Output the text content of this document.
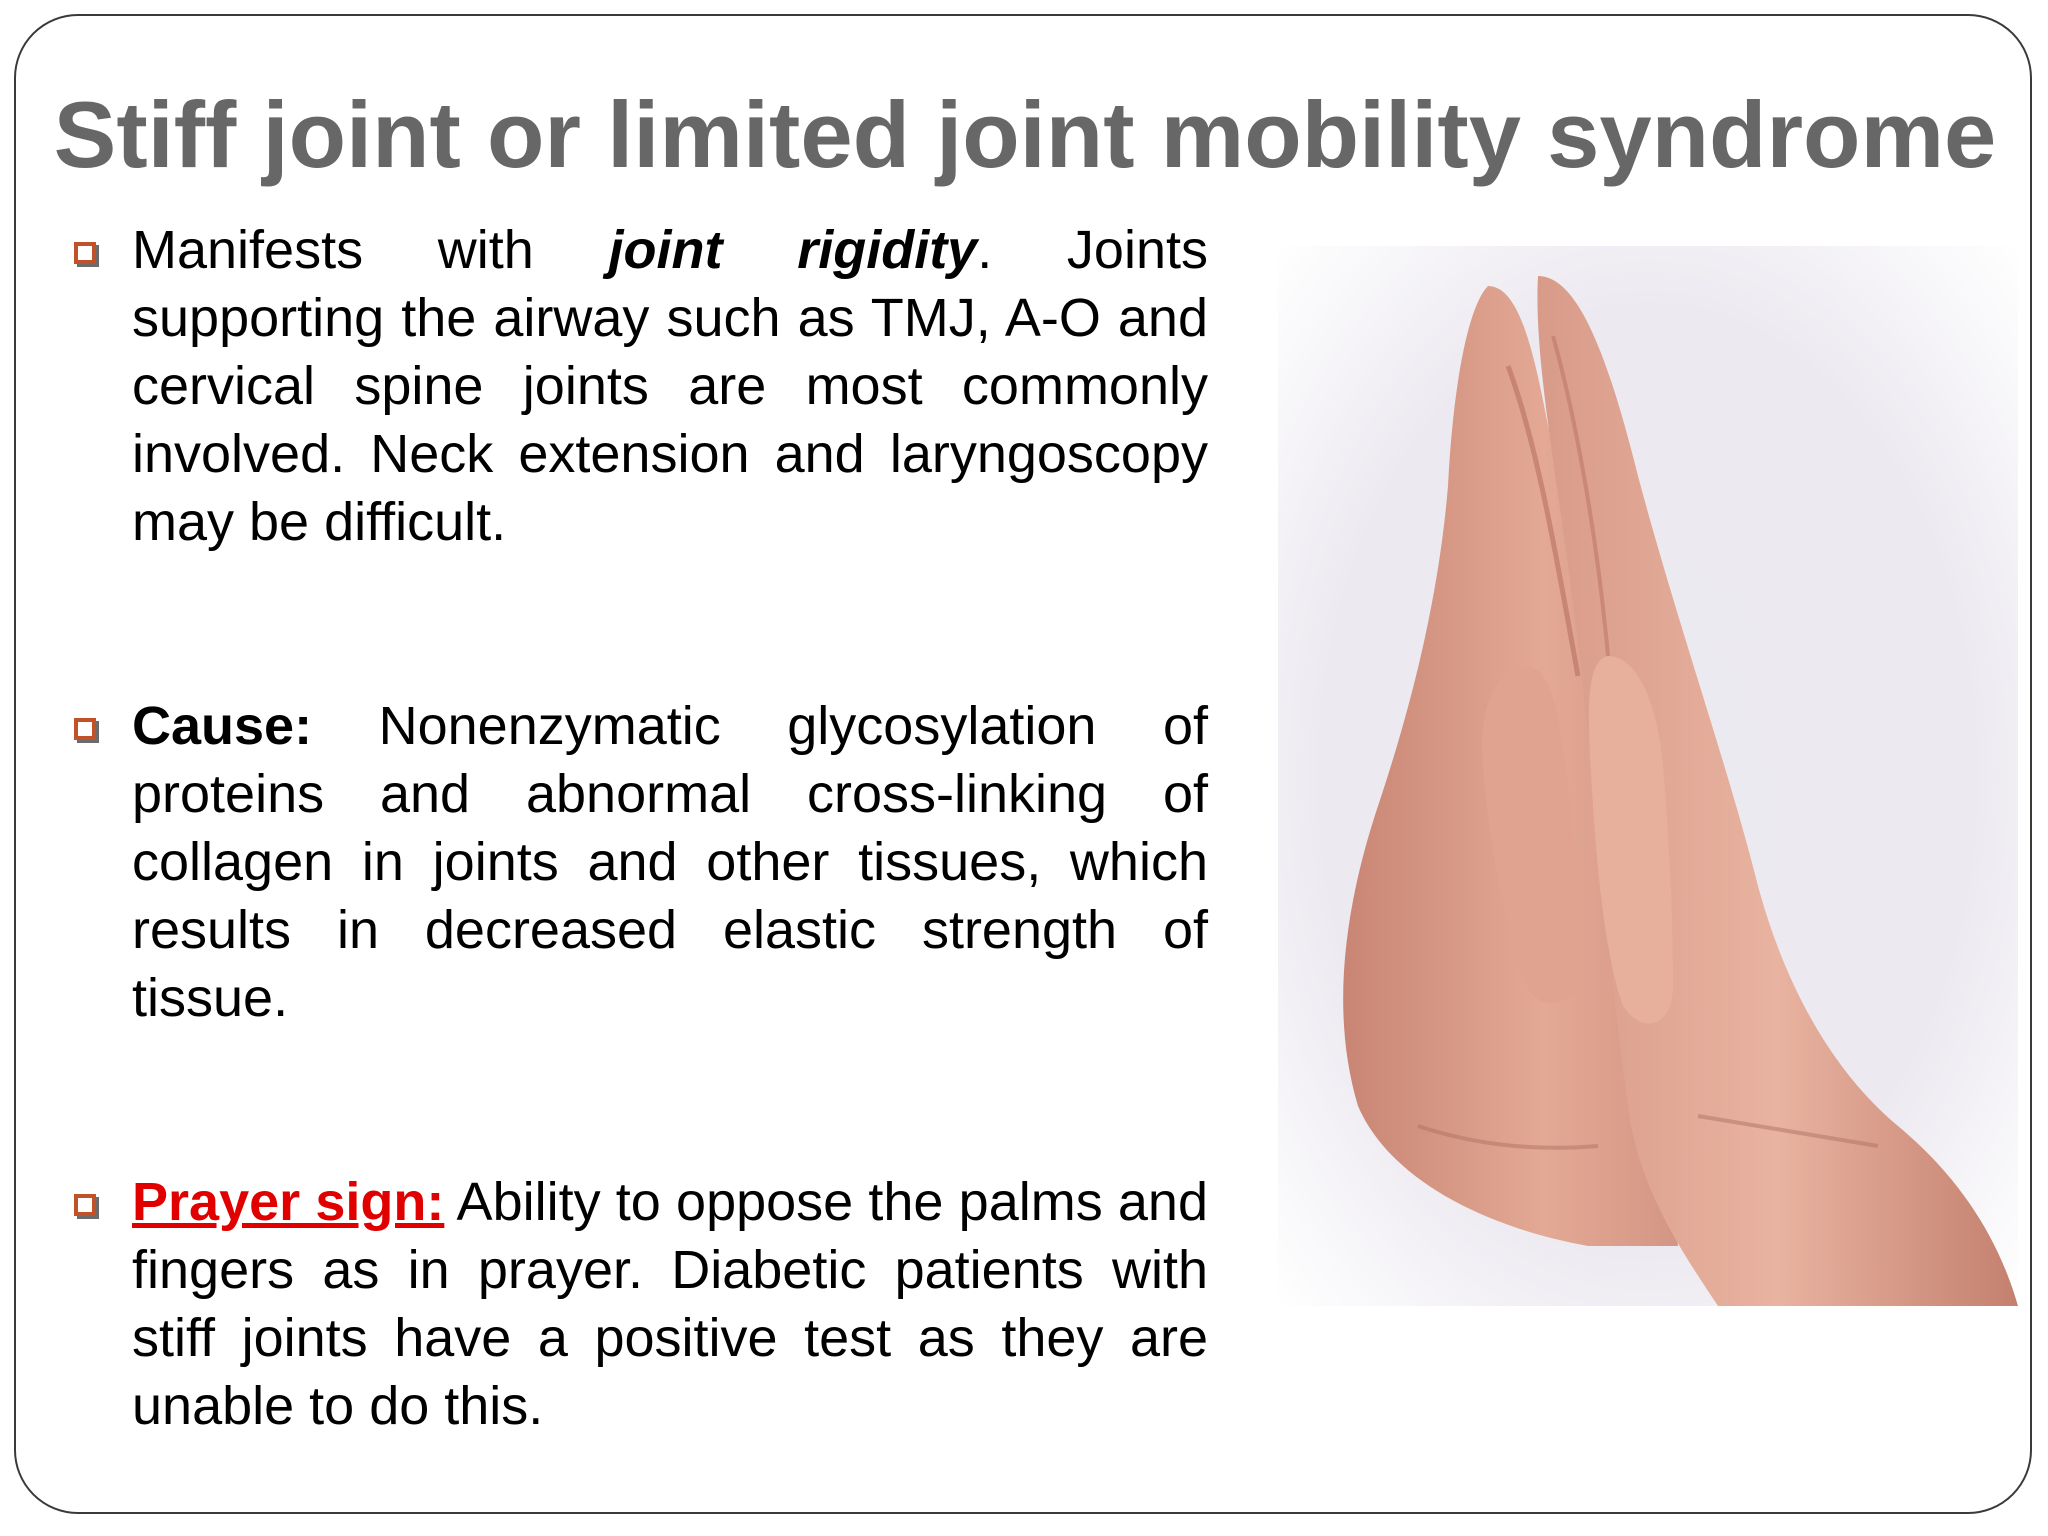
Stiff joint or limited joint mobility syndrome

Manifests with joint rigidity. Joints supporting the airway such as TMJ, A-O and cervical spine joints are most commonly involved. Neck extension and laryngoscopy may be difficult.

Cause: Nonenzymatic glycosylation of proteins and abnormal cross-linking of collagen in joints and other tissues, which results in decreased elastic strength of tissue.

Prayer sign: Ability to oppose the palms and fingers as in prayer. Diabetic patients with stiff joints have a positive test as they are unable to do this.
